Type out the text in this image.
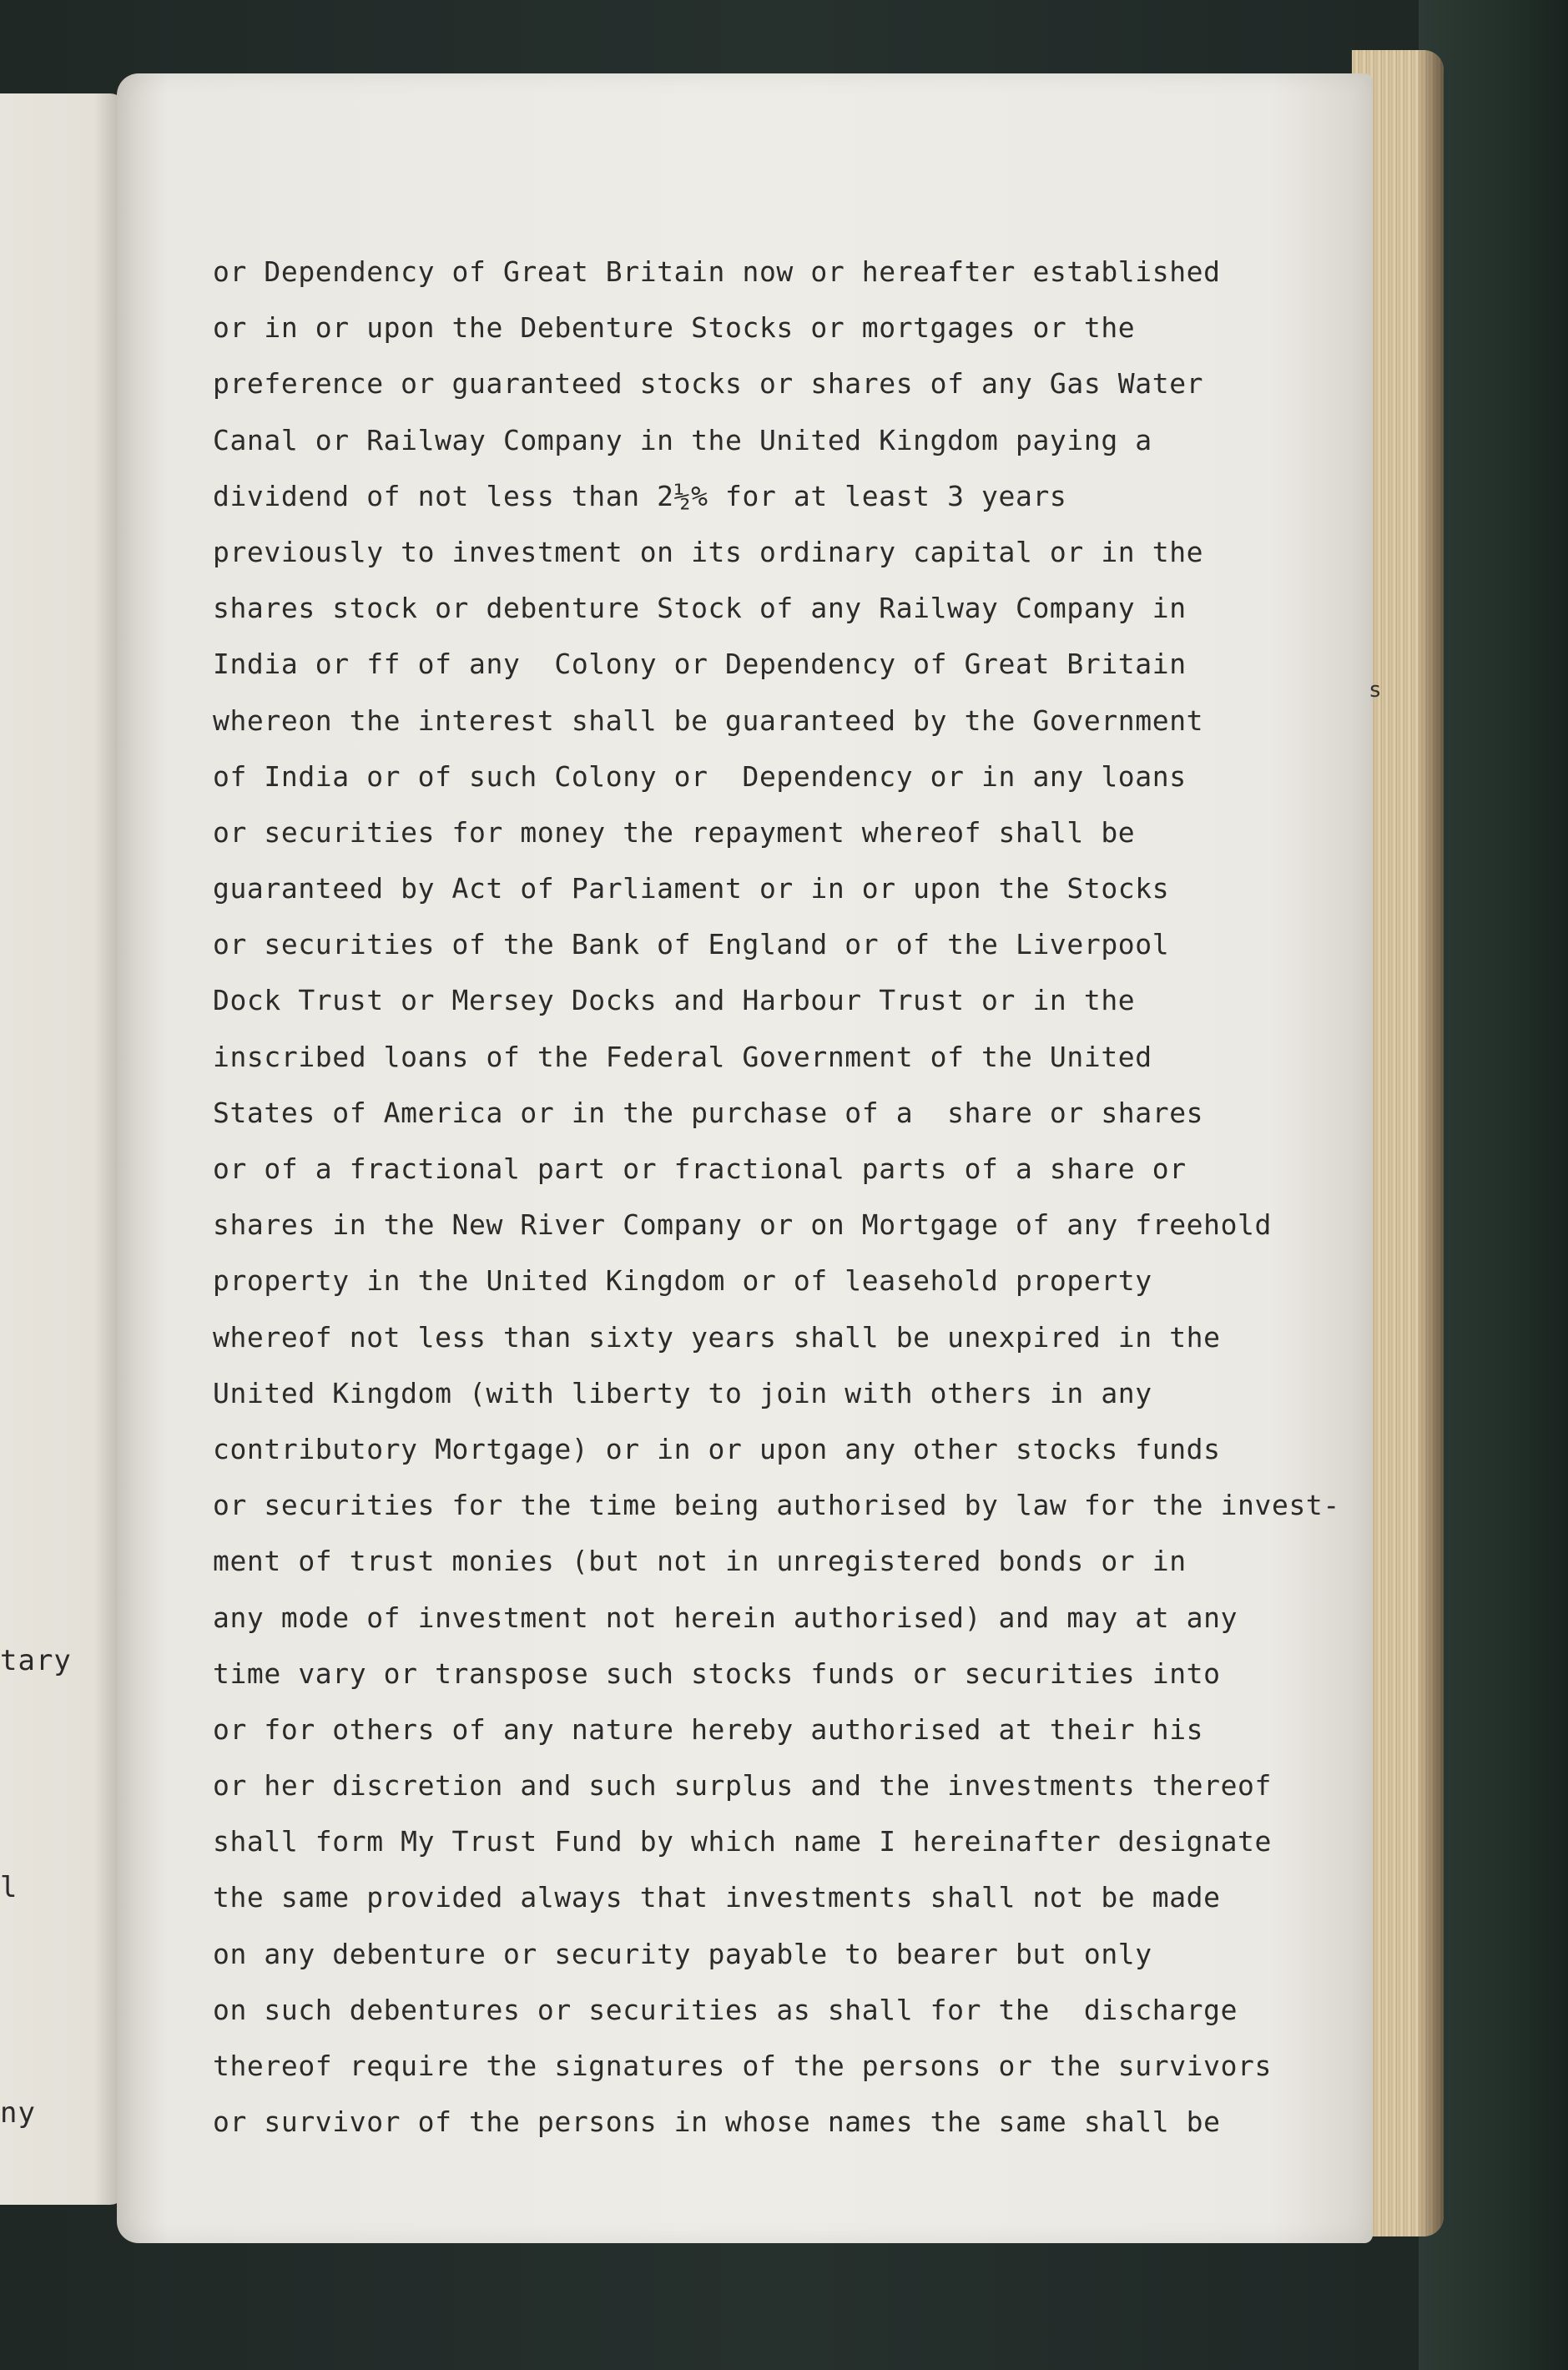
tary
l
ny
s
or Dependency of Great Britain now or hereafter established
or in or upon the Debenture Stocks or mortgages or the
preference or guaranteed stocks or shares of any Gas Water
Canal or Railway Company in the United Kingdom paying a
dividend of not less than 2½% for at least 3 years
previously to investment on its ordinary capital or in the
shares stock or debenture Stock of any Railway Company in
India or ff of any  Colony or Dependency of Great Britain
whereon the interest shall be guaranteed by the Government
of India or of such Colony or  Dependency or in any loans
or securities for money the repayment whereof shall be
guaranteed by Act of Parliament or in or upon the Stocks
or securities of the Bank of England or of the Liverpool
Dock Trust or Mersey Docks and Harbour Trust or in the
inscribed loans of the Federal Government of the United
States of America or in the purchase of a  share or shares
or of a fractional part or fractional parts of a share or
shares in the New River Company or on Mortgage of any freehold
property in the United Kingdom or of leasehold property
whereof not less than sixty years shall be unexpired in the
United Kingdom (with liberty to join with others in any
contributory Mortgage) or in or upon any other stocks funds
or securities for the time being authorised by law for the invest-
ment of trust monies (but not in unregistered bonds or in
any mode of investment not herein authorised) and may at any
time vary or transpose such stocks funds or securities into
or for others of any nature hereby authorised at their his
or her discretion and such surplus and the investments thereof
shall form My Trust Fund by which name I hereinafter designate
the same provided always that investments shall not be made
on any debenture or security payable to bearer but only
on such debentures or securities as shall for the  discharge
thereof require the signatures of the persons or the survivors
or survivor of the persons in whose names the same shall be
